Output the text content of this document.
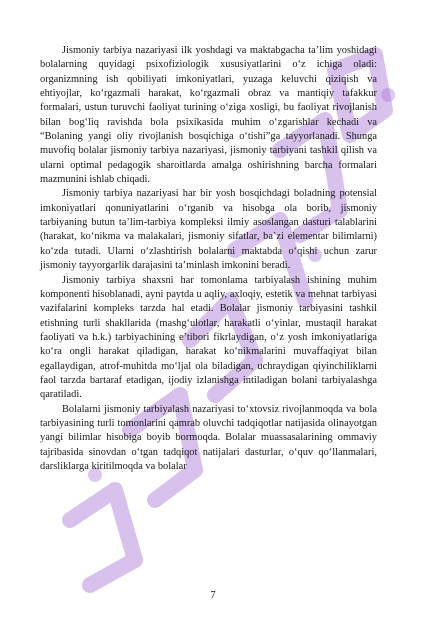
Jismoniy tarbiya nazariyasi ilk yoshdagi va maktabgacha ta’lim yoshidagi bolalarning quyidagi psixofiziologik xususiyatlarini o‘z ichiga oladi: organizmning ish qobiliyati imkoniyatlari, yuzaga keluvchi qiziqish va ehtiyojlar, ko‘rgazmali harakat, ko‘rgazmali obraz va mantiqiy tafakkur formalari, ustun turuvchi faoliyat turining o‘ziga xosligi, bu faoliyat rivojlanish bilan bog‘liq ravishda bola psixikasida muhim o‘zgarishlar kechadi va “Bolaning yangi oliy rivojlanish bosqichiga o‘tishi”ga tayyorlanadi. Shunga muvofiq bolalar jismoniy tarbiya nazariyasi, jismoniy tarbiyani tashkil qilish va ularni optimal pedagogik sharoitlarda amalga oshirishning barcha formalari mazmunini ishlab chiqadi.

Jismoniy tarbiya nazariyasi har bir yosh bosqichdagi boladning potensial imkoniyatlari qonuniyatlarini o‘rganib va hisobga ola borib, jismoniy tarbiyaning butun ta’lim-tarbiya kompleksi ilmiy asoslangan dasturi talablarini (harakat, ko‘nikma va malakalari, jismoniy sifatlar, ba’zi elementar bilimlarni) ko‘zda tutadi. Ularni o‘zlashtirish bolalarni maktabda o‘qishi uchun zarur jismoniy tayyorgarlik darajasini ta’minlash imkonini beradi.

Jismoniy tarbiya shaxsni har tomonlama tarbiyalash ishining muhim komponenti hisoblanadi, ayni paytda u aqliy, axloqiy, estetik va mehnat tarbiyasi vazifalarini kompleks tarzda hal etadi. Bolalar jismoniy tarbiyasini tashkil etishning turli shakllarida (mashg‘ulotlar, harakatli o‘yinlar, mustaqil harakat faoliyati va h.k.) tarbiyachining e’tibori fikrlaydigan, o‘z yosh imkoniyatlariga ko‘ra ongli harakat qiladigan, harakat ko‘nikmalarini muvaffaqiyat bilan egallaydigan, atrof-muhitda mo‘ljal ola biladigan, uchraydigan qiyinchiliklarni faol tarzda bartaraf etadigan, ijodiy izlanishga intiladigan bolani tarbiyalashga qaratiladi.

Bolalarni jismoniy tarbiyalash nazariyasi to‘xtovsiz rivojlanmoqda va bola tarbiyasining turli tomonlarini qamrab oluvchi tadqiqotlar natijasida olinayotgan yangi bilimlar hisobiga boyib bormoqda. Bolalar muassasalarining ommaviy tajribasida sinovdan o‘tgan tadqiqot natijalari dasturlar, o‘quv qo‘llanmalari, darsliklarga kiritilmoqda va bolalar

7
